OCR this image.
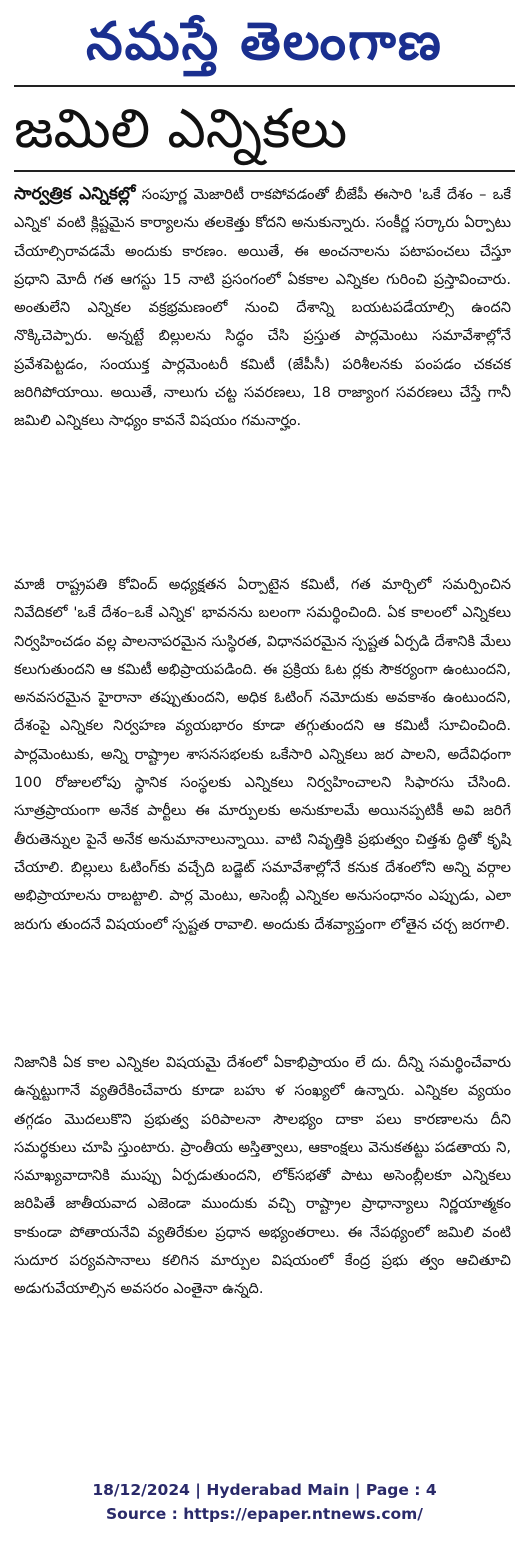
నమస్తే తెలంగాణ
జమిలి ఎన్నికలు
సార్వత్రిక ఎన్నికల్లో సంపూర్ణ మెజారిటీ రాకపోవడంతో బీజేపీ ఈసారి 'ఒకే దేశం – ఒకే ఎన్నిక' వంటి క్లిష్టమైన కార్యాలను తలకెత్తు కోదని అనుకున్నారు. సంకీర్ణ సర్కారు ఏర్పాటు చేయాల్సిరావడమే అందుకు కారణం. అయితే, ఈ అంచనాలను పటాపంచలు చేస్తూ ప్రధాని మోదీ గత ఆగస్టు 15 నాటి ప్రసంగంలో ఏకకాల ఎన్నికల గురించి ప్రస్తావించారు. అంతులేని ఎన్నికల వక్రభ్రమణంలో నుంచి దేశాన్ని బయటపడేయాల్సి ఉందని నొక్కిచెప్పారు. అన్నట్టే బిల్లులను సిద్ధం చేసి ప్రస్తుత పార్లమెంటు సమావేశాల్లోనే ప్రవేశపెట్టడం, సంయుక్త పార్లమెంటరీ కమిటీ (జేపీసీ) పరిశీలనకు పంపడం చకచక జరిగిపోయాయి. అయితే, నాలుగు చట్ట సవరణలు, 18 రాజ్యాంగ సవరణలు చేస్తే గానీ జమిలి ఎన్నికలు సాధ్యం కావనే విషయం గమనార్హం.
మాజీ రాష్ట్రపతి కోవింద్ అధ్యక్షతన ఏర్పాటైన కమిటీ, గత మార్చిలో సమర్పించిన నివేదికలో 'ఒకే దేశం–ఒకే ఎన్నిక' భావనను బలంగా సమర్థించింది. ఏక కాలంలో ఎన్నికలు నిర్వహించడం వల్ల పాలనాపరమైన సుస్థిరత, విధానపరమైన స్పష్టత ఏర్పడి దేశానికి మేలు కలుగుతుందని ఆ కమిటీ అభిప్రాయపడింది. ఈ ప్రక్రియ ఓట ర్లకు సౌకర్యంగా ఉంటుందని, అనవసరమైన హైరానా తప్పుతుందని, అధిక ఓటింగ్ నమోదుకు అవకాశం ఉంటుందని, దేశంపై ఎన్నికల నిర్వహణ వ్యయభారం కూడా తగ్గుతుందని ఆ కమిటీ సూచించింది. పార్లమెంటుకు, అన్ని రాష్ట్రాల శాసనసభలకు ఒకేసారి ఎన్నికలు జర పాలని, అదేవిధంగా 100 రోజులలోపు స్థానిక సంస్థలకు ఎన్నికలు నిర్వహించాలని సిఫారసు చేసింది. సూత్రప్రాయంగా అనేక పార్టీలు ఈ మార్పులకు అనుకూలమే అయినప్పటికీ అవి జరిగే తీరుతెన్నుల పైనే అనేక అనుమానాలున్నాయి. వాటి నివృత్తికి ప్రభుత్వం చిత్తశు ద్ధితో కృషి చేయాలి. బిల్లులు ఓటింగ్‌కు వచ్చేది బడ్జెట్ సమావేశాల్లోనే కనుక దేశంలోని అన్ని వర్గాల అభిప్రాయాలను రాబట్టాలి. పార్ల మెంటు, అసెంబ్లీ ఎన్నికల అనుసంధానం ఎప్పుడు, ఎలా జరుగు తుందనే విషయంలో స్పష్టత రావాలి. అందుకు దేశవ్యాప్తంగా లోతైన చర్చ జరగాలి.
నిజానికి ఏక కాల ఎన్నికల విషయమై దేశంలో ఏకాభిప్రాయం లే దు. దీన్ని సమర్థించేవారు ఉన్నట్టుగానే వ్యతిరేకించేవారు కూడా బహు ళ సంఖ్యలో ఉన్నారు. ఎన్నికల వ్యయం తగ్గడం మొదలుకొని ప్రభుత్వ పరిపాలనా సౌలభ్యం దాకా పలు కారణాలను దీని సమర్థకులు చూపి స్తుంటారు. ప్రాంతీయ అస్తిత్వాలు, ఆకాంక్షలు వెనుకతట్టు పడతాయ ని, సమాఖ్యవాదానికి ముప్పు ఏర్పడుతుందని, లోక్‌సభతో పాటు అసెంబ్లీలకూ ఎన్నికలు జరిపితే జాతీయవాద ఎజెండా ముందుకు వచ్చి రాష్ట్రాల ప్రాధాన్యాలు నిర్ణయాత్మకం కాకుండా పోతాయనేవి వ్యతిరేకుల ప్రధాన అభ్యంతరాలు. ఈ నేపథ్యంలో జమిలి వంటి సుదూర పర్యవసానాలు కలిగిన మార్పుల విషయంలో కేంద్ర ప్రభు త్వం ఆచితూచి అడుగువేయాల్సిన అవసరం ఎంతైనా ఉన్నది.
18/12/2024 | Hyderabad Main | Page : 4
Source : https://epaper.ntnews.com/
